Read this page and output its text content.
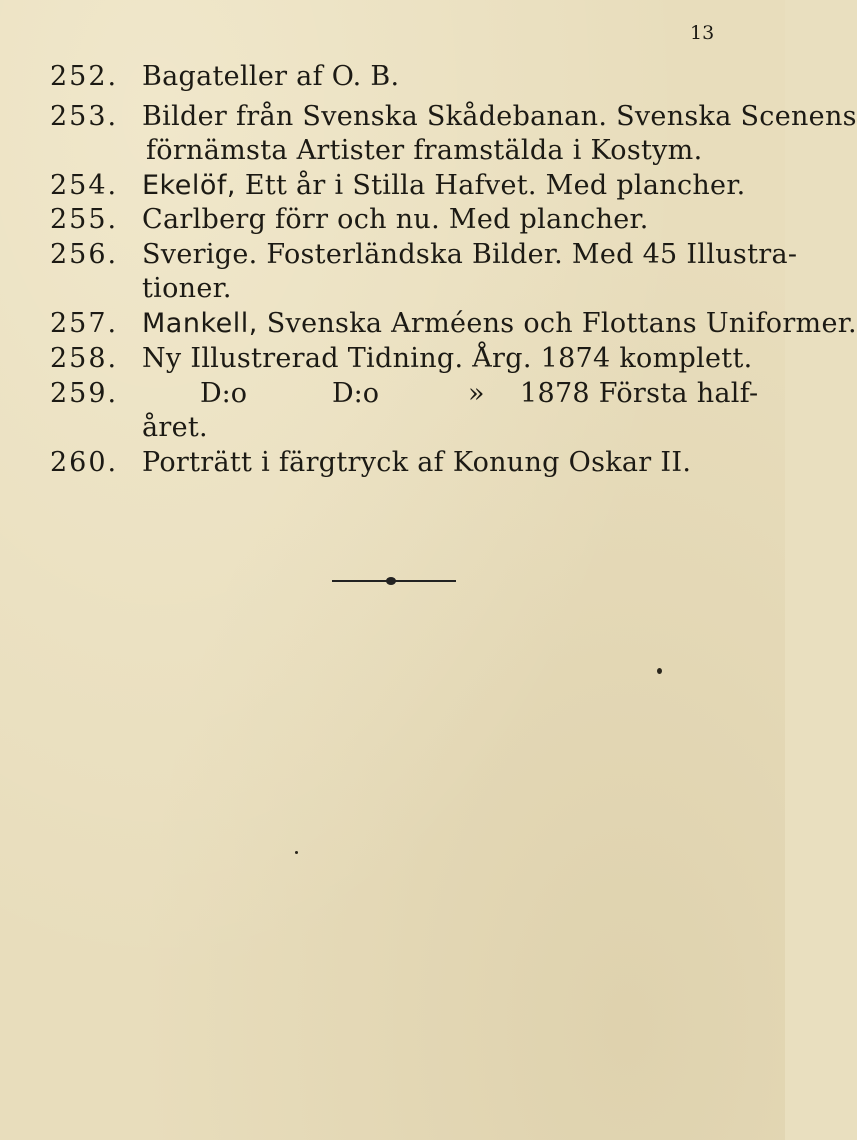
13
252. Bagateller af O. B.
253. Bilder från Svenska Skådebanan. Svenska Scenens
förnämsta Artister framstälda i Kostym.
254. Ekelöf, Ett år i Stilla Hafvet. Med plancher.
255. Carlberg förr och nu. Med plancher.
256. Sverige. Fosterländska Bilder. Med 45 Illustra-
tioner.
257. Mankell, Svenska Arméens och Flottans Uniformer.
258. Ny Illustrerad Tidning. Årg. 1874 komplett.
259.	D:o	D:o	» 1878 Första half-
året.
260. Porträtt i färgtryck af Konung Oskar II.
